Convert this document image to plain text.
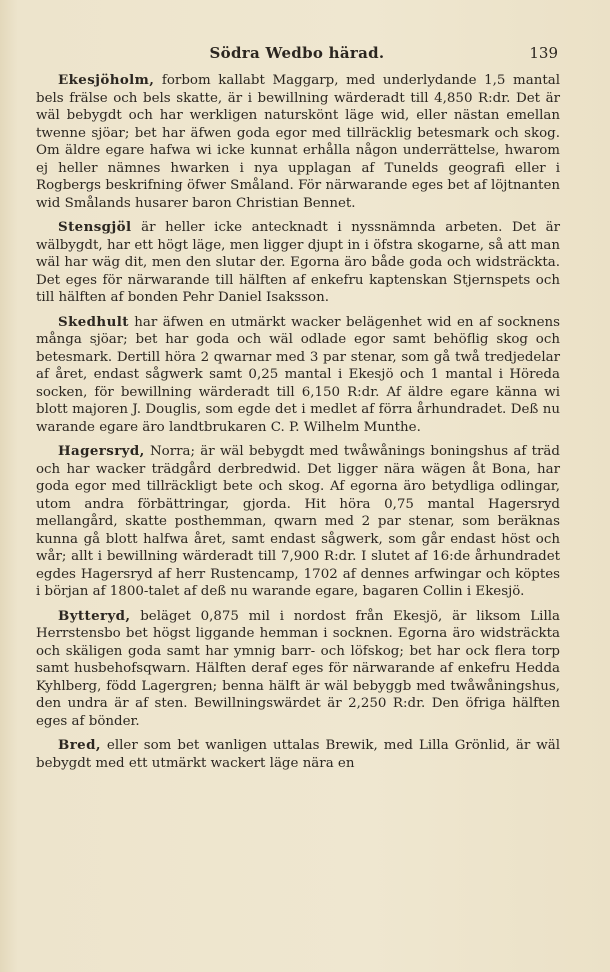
Södra Wedbo härad.	139

Ekesjöholm, forbom kallabt Maggarp, med underlydande 1,5 mantal bels frälse och bels skatte, är i bewillning wärderadt till 4,850 R:dr. Det är wäl bebygdt och har werkligen naturskönt läge wid, eller nästan emellan twenne sjöar; bet har äfwen goda egor med tillräcklig betesmark och skog. Om äldre egare hafwa wi icke kunnat erhålla någon underrättelse, hwarom ej heller nämnes hwarken i nya upplagan af Tunelds geografi eller i Rogbergs beskrifning öfwer Småland. För närwarande eges bet af löjtnanten wid Smålands husarer baron Christian Bennet.

Stensgjöl är heller icke antecknadt i nyssnämnda arbeten. Det är wälbygdt, har ett högt läge, men ligger djupt in i öfstra skogarne, så att man wäl har wäg dit, men den slutar der. Egorna äro både goda och widsträckta. Det eges för närwarande till hälften af enkefru kaptenskan Stjernspets och till hälften af bonden Pehr Daniel Isaksson.

Skedhult har äfwen en utmärkt wacker belägenhet wid en af socknens många sjöar; bet har goda och wäl odlade egor samt behöflig skog och betesmark. Dertill höra 2 qwarnar med 3 par stenar, som gå twå tredjedelar af året, endast sågwerk samt 0,25 mantal i Ekesjö och 1 mantal i Höreda socken, för bewillning wärderadt till 6,150 R:dr. Af äldre egare känna wi blott majoren J. Douglis, som egde det i medlet af förra århundradet. Deß nu warande egare äro landtbrukaren C. P. Wilhelm Munthe.

Hagersryd, Norra; är wäl bebygdt med twåwånings boningshus af träd och har wacker trädgård derbredwid. Det ligger nära wägen åt Bona, har goda egor med tillräckligt bete och skog. Af egorna äro betydliga odlingar, utom andra förbättringar, gjorda. Hit höra 0,75 mantal Hagersryd mellangård, skatte posthemman, qwarn med 2 par stenar, som beräknas kunna gå blott halfwa året, samt endast sågwerk, som går endast höst och wår; allt i bewillning wärderadt till 7,900 R:dr. I slutet af 16:de århundradet egdes Hagersryd af herr Rustencamp, 1702 af dennes arfwingar och köptes i början af 1800-talet af deß nu warande egare, bagaren Collin i Ekesjö.

Bytteryd, beläget 0,875 mil i nordost från Ekesjö, är liksom Lilla Herrstensbo bet högst liggande hemman i socknen. Egorna äro widsträckta och skäligen goda samt har ymnig barr- och löfskog; bet har ock flera torp samt husbehofsqwarn. Hälften deraf eges för närwarande af enkefru Hedda Kyhlberg, född Lagergren; benna hälft är wäl bebyggb med twåwåningshus, den undra är af sten. Bewillningswärdet är 2,250 R:dr. Den öfriga hälften eges af bönder.

Bred, eller som bet wanligen uttalas Brewik, med Lilla Grönlid, är wäl bebygdt med ett utmärkt wackert läge nära en
